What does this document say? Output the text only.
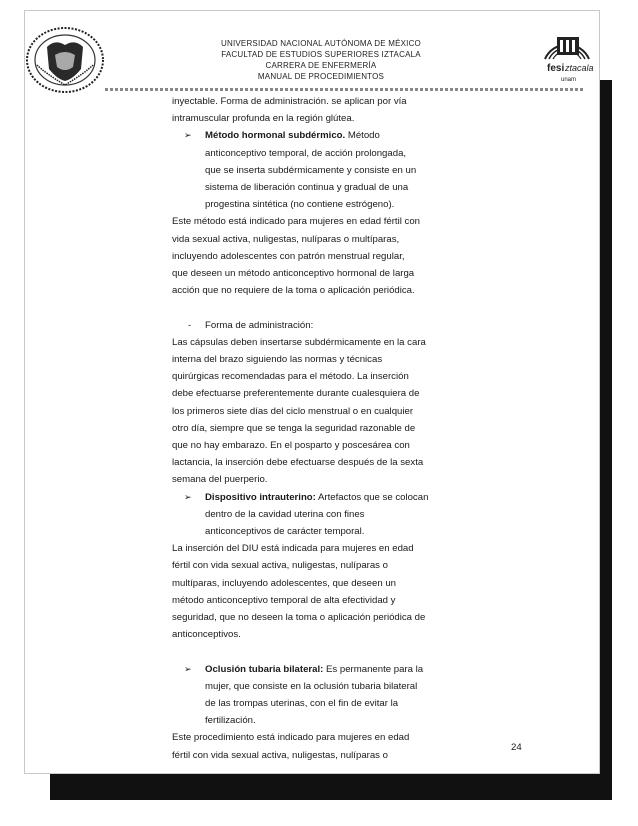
UNIVERSIDAD NACIONAL AUTÓNOMA DE MÉXICO
FACULTAD DE ESTUDIOS SUPERIORES IZTACALA
CARRERA DE ENFERMERÍA
MANUAL DE PROCEDIMIENTOS
fesi ztacala
unam

inyectable. Forma de administración. se aplican por vía

intramuscular profunda en la región glútea.

➢ Método hormonal subdérmico. Método

anticonceptivo temporal, de acción prolongada,

que se inserta subdérmicamente y consiste en un

sistema de liberación continua y gradual de una

progestina sintética (no contiene estrógeno).

Este método está indicado para mujeres en edad fértil con

vida sexual activa, nuligestas, nulíparas o multíparas,

incluyendo adolescentes con patrón menstrual regular,

que deseen un método anticonceptivo hormonal de larga

acción que no requiere de la toma o aplicación periódica.

- Forma de administración:

Las cápsulas deben insertarse subdérmicamente en la cara

interna del brazo siguiendo las normas y técnicas

quirúrgicas recomendadas para el método. La inserción

debe efectuarse preferentemente durante cualesquiera de

los primeros siete días del ciclo menstrual o en cualquier

otro día, siempre que se tenga la seguridad razonable de

que no hay embarazo. En el posparto y poscesárea con

lactancia, la inserción debe efectuarse después de la sexta

semana del puerperio.

➢ Dispositivo intrauterino: Artefactos que se colocan

dentro de la cavidad uterina con fines

anticonceptivos de carácter temporal.

La inserción del DIU está indicada para mujeres en edad

fértil con vida sexual activa, nuligestas, nulíparas o

multíparas, incluyendo adolescentes, que deseen un

método anticonceptivo temporal de alta efectividad y

seguridad, que no deseen la toma o aplicación periódica de

anticonceptivos.

➢ Oclusión tubaria bilateral: Es permanente para la

mujer, que consiste en la oclusión tubaria bilateral

de las trompas uterinas, con el fin de evitar la

fertilización.

Este procedimiento está indicado para mujeres en edad

fértil con vida sexual activa, nuligestas, nulíparas o

24
